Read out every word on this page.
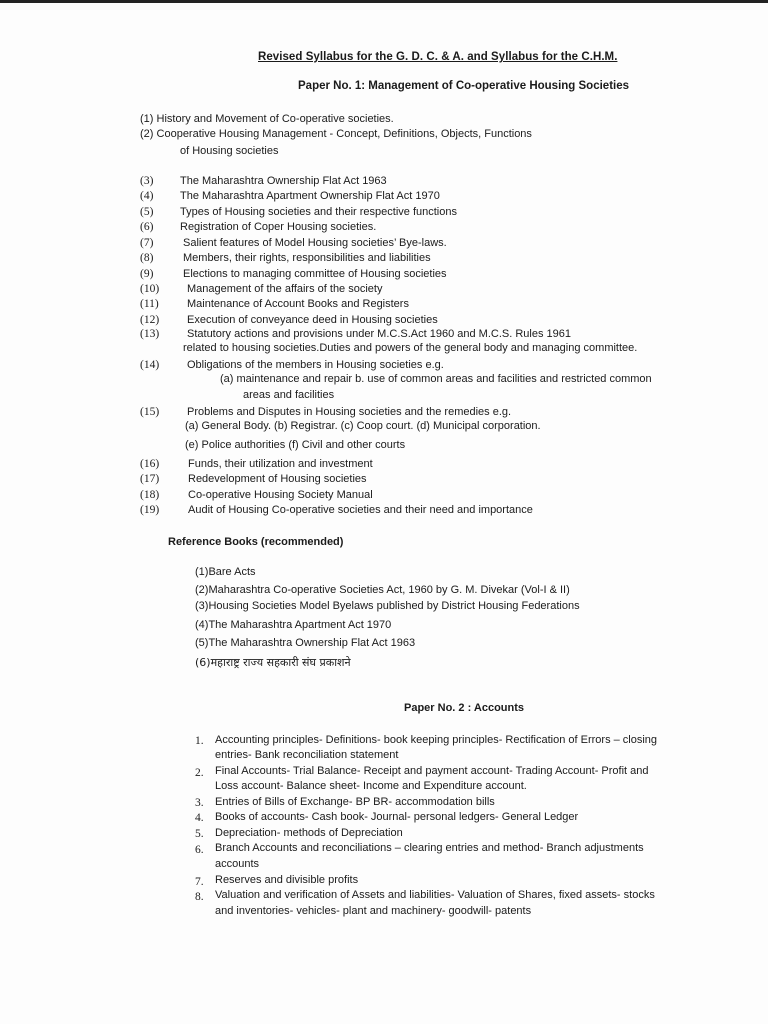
Revised Syllabus for the G. D. C. & A. and Syllabus for the C.H.M.
Paper No. 1: Management of Co-operative Housing Societies
(1) History and Movement of Co-operative societies.
(2) Cooperative Housing Management - Concept, Definitions, Objects, Functions
of Housing societies
(3) The Maharashtra Ownership Flat Act 1963
(4) The Maharashtra Apartment Ownership Flat Act 1970
(5) Types of Housing societies and their respective functions
(6) Registration of Coper Housing societies.
(7)	Salient features of Model Housing societies’ Bye-laws.
(8)	Members, their rights, responsibilities and liabilities
(9)	Elections to managing committee of Housing societies
(10)	Management of the affairs of the society
(11)	Maintenance of Account Books and Registers
(12)	Execution of conveyance deed in Housing societies
(13)	Statutory actions and provisions under M.C.S.Act 1960 and M.C.S. Rules 1961
related to housing societies.Duties and powers of the general body and managing committee.
(14)	Obligations of the members in Housing societies e.g.
(a) maintenance and repair b. use of common areas and facilities and restricted common
areas and facilities
(15)	Problems and Disputes in Housing societies and the remedies e.g.
(a) General Body. (b) Registrar. (c) Coop court. (d) Municipal corporation.
(e) Police authorities (f) Civil and other courts
(16)	Funds, their utilization and investment
(17)	Redevelopment of Housing societies
(18)	Co-operative Housing Society Manual
(19)	Audit of Housing Co-operative societies and their need and importance
Reference Books (recommended)
(1)Bare Acts
(2)Maharashtra Co-operative Societies Act, 1960 by G. M. Divekar (Vol-I & II)
(3)Housing Societies Model Byelaws published by District Housing Federations
(4)The Maharashtra Apartment Act 1970
(5)The Maharashtra Ownership Flat Act 1963
(6)महाराष्ट्र राज्य सहकारी संघ प्रकाशने
Paper No. 2 : Accounts
1. Accounting principles- Definitions- book keeping principles- Rectification of Errors – closing
entries- Bank reconciliation statement
2. Final Accounts- Trial Balance- Receipt and payment account- Trading Account- Profit and
Loss account- Balance sheet- Income and Expenditure account.
3. Entries of Bills of Exchange- BP BR- accommodation bills
4. Books of accounts- Cash book- Journal- personal ledgers- General Ledger
5. Depreciation- methods of Depreciation
6. Branch Accounts and reconciliations – clearing entries and method- Branch adjustments
accounts
7. Reserves and divisible profits
8. Valuation and verification of Assets and liabilities- Valuation of Shares, fixed assets- stocks
and inventories- vehicles- plant and machinery- goodwill- patents
